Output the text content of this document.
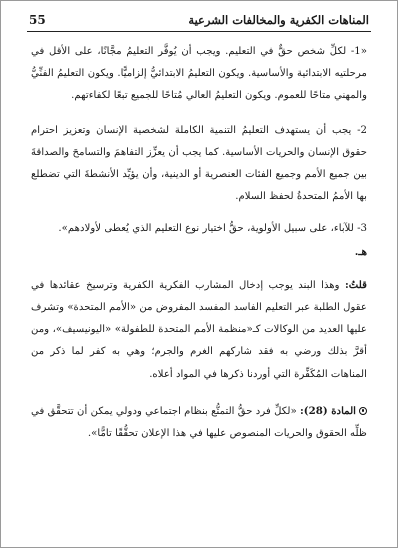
المناهات الكفرية والمخالفات الشرعية
55

«1- لكلِّ شخص حقٌّ في التعليم. ويجب أن يُوفَّر التعليمُ مجَّانًا، على الأقل في مرحلتيه الابتدائية والأساسية. ويكون التعليمُ الابتدائيُّ إلزاميًّا. ويكون التعليمُ الفنِّيُّ والمهني متاحًا للعموم. ويكون التعليمُ العالي مُتاحًا للجميع تبعًا لكفاءتهم.

2- يجب أن يستهدف التعليمُ التنمية الكاملة لشخصية الإنسان وتعزيز احترام حقوق الإنسان والحريات الأساسية. كما يجب أن يعزِّز التفاهمَ والتسامحَ والصداقةَ بين جميع الأمم وجميع الفئات العنصرية أو الدينية، وأن يؤيِّد الأنشطةَ التي تضطلع بها الأممُ المتحدةُ لحفظ السلام.

3- للآباء، على سبيل الأولوية، حقُّ اختيار نوع التعليم الذي يُعطى لأولادهم».

هـ.

قلتُ: وهذا البند يوجب إدخال المشارب الفكرية الكفرية وترسيخ عقائدها في عقول الطلبة عبر التعليم الفاسد المفسد المفروض من «الأمم المتحدة» وتشرف عليها العديد من الوكالات كـ«منظمة الأمم المتحدة للطفولة» «اليونيسيف»، ومن أقرَّ بذلك ورضي به فقد شاركهم الغرم والجرم؛ وهي به كفر لما ذكر من المناهات المُكَفِّرة التي أوردنا ذكرها في المواد أعلاه.

المادة (28): «لكلِّ فرد حقُّ التمتُّع بنظام اجتماعي ودولي يمكن أن تتحقَّق في ظلِّه الحقوق والحريات المنصوص عليها في هذا الإعلان تحقُّقًا تامًّا».
